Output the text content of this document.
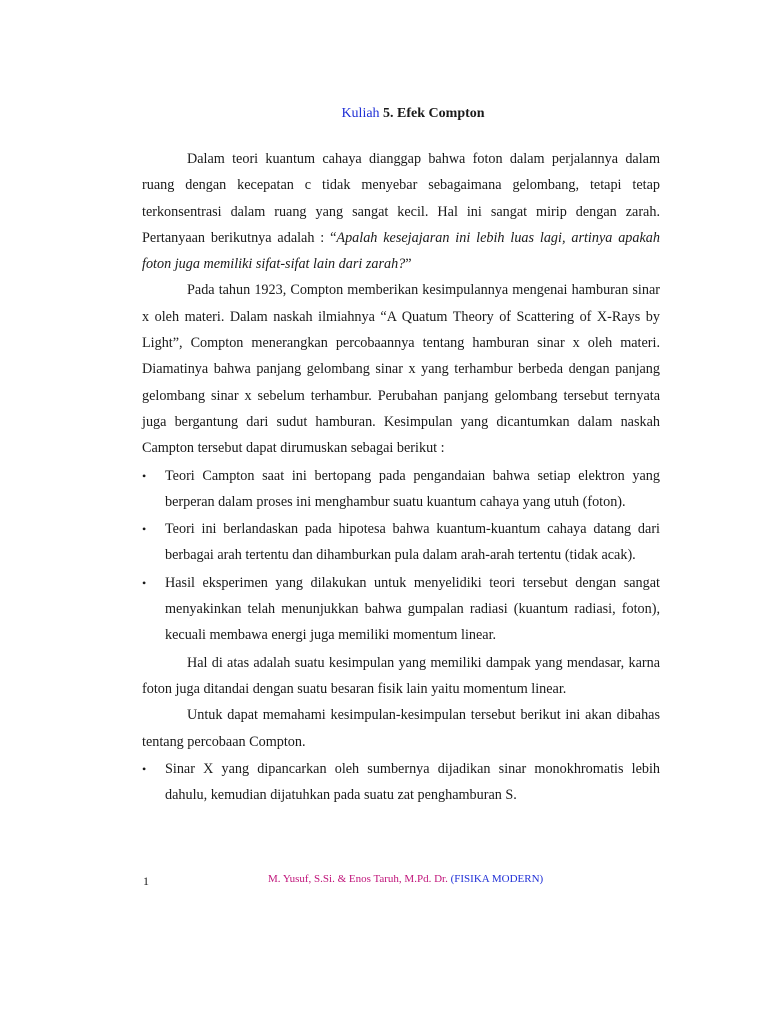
Kuliah 5. Efek Compton

Dalam teori kuantum cahaya dianggap bahwa foton dalam perjalannya dalam ruang dengan kecepatan c tidak menyebar sebagaimana gelombang, tetapi tetap terkonsentrasi dalam ruang yang sangat kecil. Hal ini sangat mirip dengan zarah. Pertanyaan berikutnya adalah : “Apalah kesejajaran ini lebih luas lagi, artinya apakah foton juga memiliki sifat-sifat lain dari zarah?”

Pada tahun 1923, Compton memberikan kesimpulannya mengenai hamburan sinar x oleh materi. Dalam naskah ilmiahnya “A Quatum Theory of Scattering of X-Rays by Light”, Compton menerangkan percobaannya tentang hamburan sinar x oleh materi. Diamatinya bahwa panjang gelombang sinar x yang terhambur berbeda dengan panjang gelombang sinar x sebelum terhambur. Perubahan panjang gelombang tersebut ternyata juga bergantung dari sudut hamburan. Kesimpulan yang dicantumkan dalam naskah Campton tersebut dapat dirumuskan sebagai berikut :

• Teori Campton saat ini bertopang pada pengandaian bahwa setiap elektron yang berperan dalam proses ini menghambur suatu kuantum cahaya yang utuh (foton).
• Teori ini berlandaskan pada hipotesa bahwa kuantum-kuantum cahaya datang dari berbagai arah tertentu dan dihamburkan pula dalam arah-arah tertentu (tidak acak).
• Hasil eksperimen yang dilakukan untuk menyelidiki teori tersebut dengan sangat menyakinkan telah menunjukkan bahwa gumpalan radiasi (kuantum radiasi, foton), kecuali membawa energi juga memiliki momentum linear.

Hal di atas adalah suatu kesimpulan yang memiliki dampak yang mendasar, karna foton juga ditandai dengan suatu besaran fisik lain yaitu momentum linear.

Untuk dapat memahami kesimpulan-kesimpulan tersebut berikut ini akan dibahas tentang percobaan Compton.

• Sinar X yang dipancarkan oleh sumbernya dijadikan sinar monokhromatis lebih dahulu, kemudian dijatuhkan pada suatu zat penghamburan S.
1	M. Yusuf, S.Si. & Enos Taruh, M.Pd. Dr. (FISIKA MODERN)
